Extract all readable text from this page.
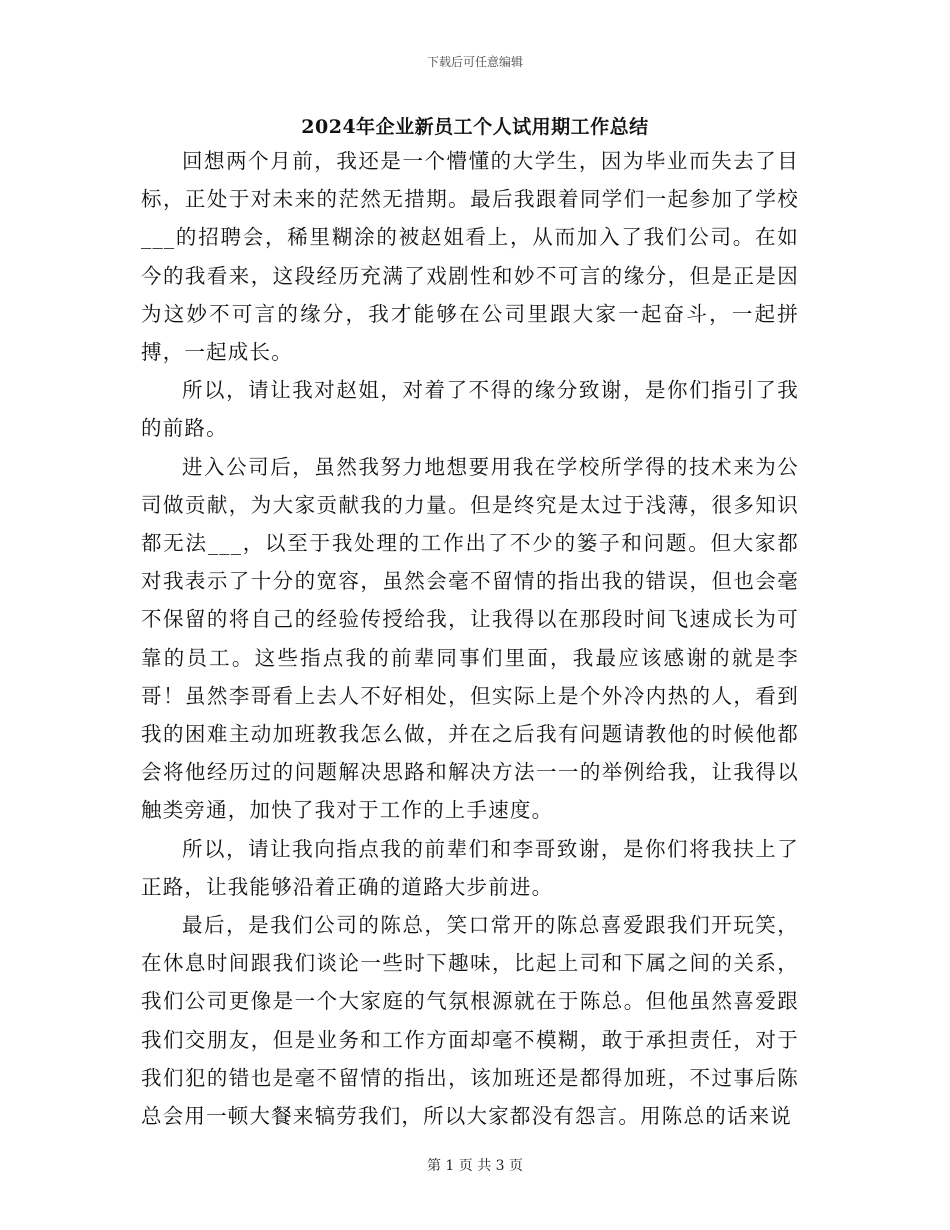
下载后可任意编辑
2024年企业新员工个人试用期工作总结

回想两个月前，我还是一个懵懂的大学生，因为毕业而失去了目标，正处于对未来的茫然无措期。最后我跟着同学们一起参加了学校___的招聘会，稀里糊涂的被赵姐看上，从而加入了我们公司。在如今的我看来，这段经历充满了戏剧性和妙不可言的缘分，但是正是因为这妙不可言的缘分，我才能够在公司里跟大家一起奋斗，一起拼搏，一起成长。

所以，请让我对赵姐，对着了不得的缘分致谢，是你们指引了我的前路。

进入公司后，虽然我努力地想要用我在学校所学得的技术来为公司做贡献，为大家贡献我的力量。但是终究是太过于浅薄，很多知识都无法___，以至于我处理的工作出了不少的篓子和问题。但大家都对我表示了十分的宽容，虽然会毫不留情的指出我的错误，但也会毫不保留的将自己的经验传授给我，让我得以在那段时间飞速成长为可靠的员工。这些指点我的前辈同事们里面，我最应该感谢的就是李哥！虽然李哥看上去人不好相处，但实际上是个外冷内热的人，看到我的困难主动加班教我怎么做，并在之后我有问题请教他的时候他都会将他经历过的问题解决思路和解决方法一一的举例给我，让我得以触类旁通，加快了我对于工作的上手速度。

所以，请让我向指点我的前辈们和李哥致谢，是你们将我扶上了正路，让我能够沿着正确的道路大步前进。

最后，是我们公司的陈总，笑口常开的陈总喜爱跟我们开玩笑，在休息时间跟我们谈论一些时下趣味，比起上司和下属之间的关系，我们公司更像是一个大家庭的气氛根源就在于陈总。但他虽然喜爱跟我们交朋友，但是业务和工作方面却毫不模糊，敢于承担责任，对于我们犯的错也是毫不留情的指出，该加班还是都得加班，不过事后陈总会用一顿大餐来犒劳我们，所以大家都没有怨言。用陈总的话来说

第 1 页 共 3 页
